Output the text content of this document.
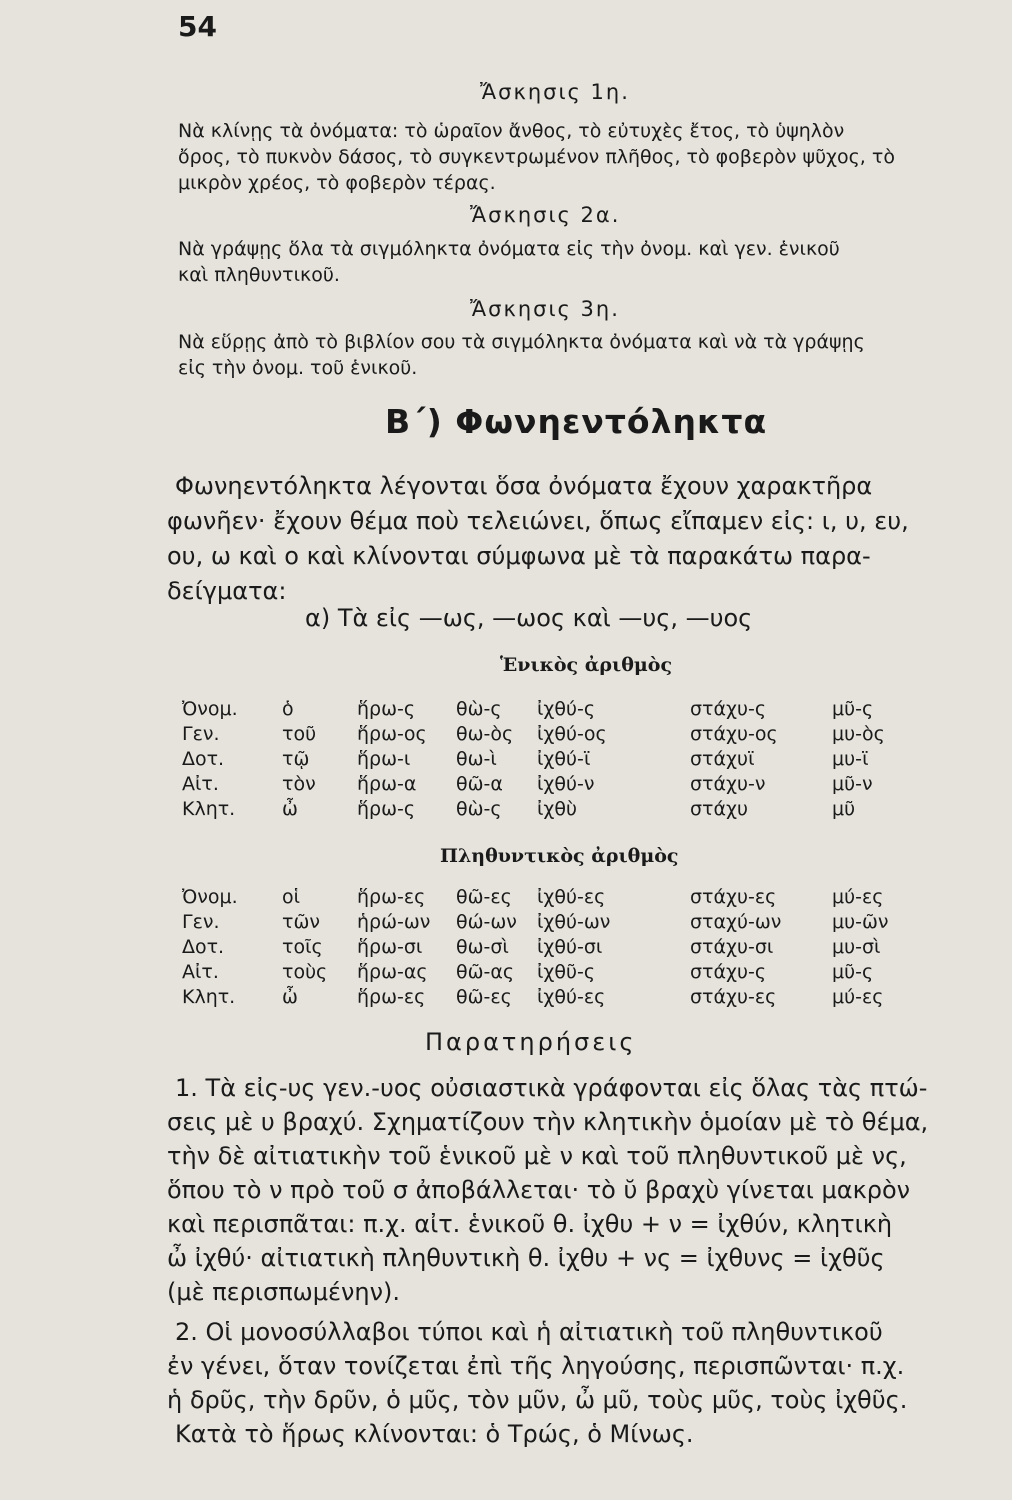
54
Ἄσκησις 1η.
Νὰ κλίνῃς τὰ ὀνόματα: τὸ ὡραῖον ἄνθος, τὸ εὐτυχὲς ἔτος, τὸ ὑψηλὸν
ὄρος, τὸ πυκνὸν δάσος, τὸ συγκεντρωμένον πλῆθος, τὸ φοβερὸν ψῦχος, τὸ
μικρὸν χρέος, τὸ φοβερὸν τέρας.
Ἄσκησις 2α.
Νὰ γράψῃς ὅλα τὰ σιγμόληκτα ὀνόματα εἰς τὴν ὀνομ. καὶ γεν. ἑνικοῦ
καὶ πληθυντικοῦ.
Ἄσκησις 3η.
Νὰ εὕρῃς ἀπὸ τὸ βιβλίον σου τὰ σιγμόληκτα ὀνόματα καὶ νὰ τὰ γράψῃς
εἰς τὴν ὀνομ. τοῦ ἑνικοῦ.
Β΄) Φωνηεντόληκτα
Φωνηεντόληκτα λέγονται ὅσα ὀνόματα ἔχουν χαρακτῆρα
φωνῆεν· ἔχουν θέμα ποὺ τελειώνει, ὅπως εἴπαμεν εἰς: ι, υ, ευ,
ου, ω καὶ ο καὶ κλίνονται σύμφωνα μὲ τὰ παρακάτω παρα-
δείγματα:
α) Τὰ εἰς —ως, —ωος καὶ —υς, —υος
Ἑνικὸς ἀριθμὸς
Ὀνομ. ὁ	ἥρω-ς θὼ-ς ἰχθύ-ς	στάχυ-ς	μῦ-ς
Γεν.	τοῦ ἥρω-ος θω-ὸς ἰχθύ-ος	στάχυ-ος	μυ-ὸς
Δοτ.	τῷ	ἥρω-ι θω-ὶ ἰχθύ-ϊ	στάχυϊ	μυ-ϊ
Αἰτ.	τὸν ἥρω-α θῶ-α ἰχθύ-ν	στάχυ-ν	μῦ-ν
Κλητ. ὦ	ἥρω-ς θὼ-ς ἰχθὺ	στάχυ	μῦ
Πληθυντικὸς ἀριθμὸς
Ὀνομ. οἱ	ἥρω-ες θῶ-ες ἰχθύ-ες	στάχυ-ες	μύ-ες
Γεν.	τῶν ἡρώ-ων θώ-ων ἰχθύ-ων	σταχύ-ων	μυ-ῶν
Δοτ.	τοῖς ἥρω-σι θω-σὶ ἰχθύ-σι	στάχυ-σι	μυ-σὶ
Αἰτ.	τοὺς ἥρω-ας θῶ-ας ἰχθῦ-ς	στάχυ-ς	μῦ-ς
Κλητ. ὦ	ἥρω-ες θῶ-ες ἰχθύ-ες	στάχυ-ες	μύ-ες
Παρατηρήσεις
1. Τὰ εἰς-υς γεν.-υος οὐσιαστικὰ γράφονται εἰς ὅλας τὰς πτώ-
σεις μὲ υ βραχύ. Σχηματίζουν τὴν κλητικὴν ὁμοίαν μὲ τὸ θέμα,
τὴν δὲ αἰτιατικὴν τοῦ ἑνικοῦ μὲ ν καὶ τοῦ πληθυντικοῦ μὲ νς,
ὅπου τὸ ν πρὸ τοῦ σ ἀποβάλλεται· τὸ ῠ βραχὺ γίνεται μακρὸν
καὶ περισπᾶται: π.χ. αἰτ. ἑνικοῦ θ. ἰχθυ + ν = ἰχθύν, κλητικὴ
ὦ ἰχθύ· αἰτιατικὴ πληθυντικὴ θ. ἰχθυ + νς = ἰχθυνς = ἰχθῦς
(μὲ περισπωμένην).
2. Οἱ μονοσύλλαβοι τύποι καὶ ἡ αἰτιατικὴ τοῦ πληθυντικοῦ
ἐν γένει, ὅταν τονίζεται ἐπὶ τῆς ληγούσης, περισπῶνται· π.χ.
ἡ δρῦς, τὴν δρῦν, ὁ μῦς, τὸν μῦν, ὦ μῦ, τοὺς μῦς, τοὺς ἰχθῦς.
Κατὰ τὸ ἥρως κλίνονται: ὁ Τρώς, ὁ Μίνως.
